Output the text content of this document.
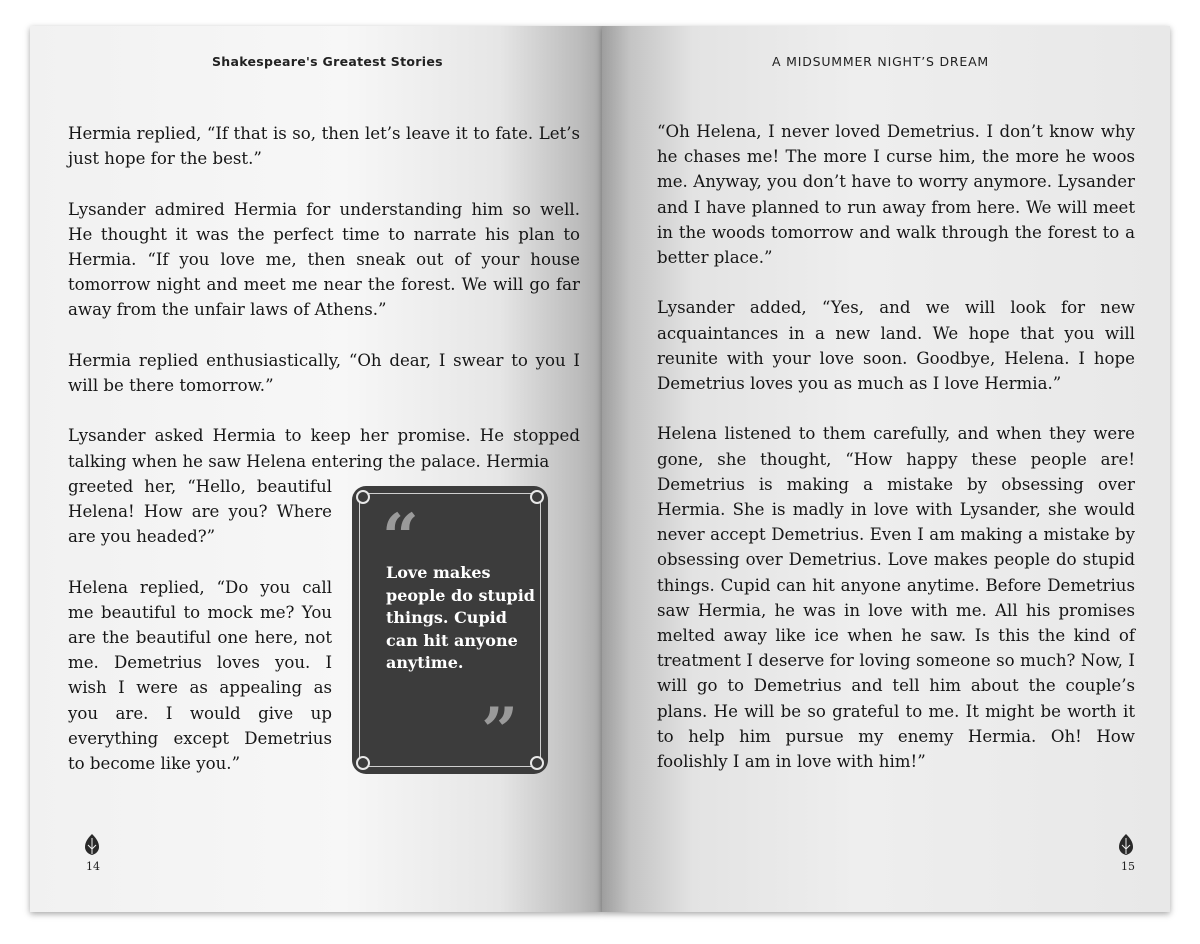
Shakespeare's Greatest Stories

Hermia replied, “If that is so, then let’s leave it to fate. Let’s just hope for the best.”

Lysander admired Hermia for understanding him so well. He thought it was the perfect time to narrate his plan to Hermia. “If you love me, then sneak out of your house tomorrow night and meet me near the forest. We will go far away from the unfair laws of Athens.”

Hermia replied enthusiastically, “Oh dear, I swear to you I will be there tomorrow.”

Lysander asked Hermia to keep her promise. He stopped talking when he saw Helena entering the palace. Hermia

greeted her, “Hello, beautiful Helena! How are you? Where are you headed?”

Helena replied, “Do you call me beautiful to mock me? You are the beautiful one here, not me. Demetrius loves you. I wish I were as appealing as you are. I would give up everything except Demetrius to become like you.”

“
Love makes people do stupid things. Cupid can hit anyone anytime.
”
14
A MIDSUMMER NIGHT’S DREAM

“Oh Helena, I never loved Demetrius. I don’t know why he chases me! The more I curse him, the more he woos me. Anyway, you don’t have to worry anymore. Lysander and I have planned to run away from here. We will meet in the woods tomorrow and walk through the forest to a better place.”

Lysander added, “Yes, and we will look for new acquaintances in a new land. We hope that you will reunite with your love soon. Goodbye, Helena. I hope Demetrius loves you as much as I love Hermia.”

Helena listened to them carefully, and when they were gone, she thought, “How happy these people are! Demetrius is making a mistake by obsessing over Hermia. She is madly in love with Lysander, she would never accept Demetrius. Even I am making a mistake by obsessing over Demetrius. Love makes people do stupid things. Cupid can hit anyone anytime. Before Demetrius saw Hermia, he was in love with me. All his promises melted away like ice when he saw. Is this the kind of treatment I deserve for loving someone so much? Now, I will go to Demetrius and tell him about the couple’s plans. He will be so grateful to me. It might be worth it to help him pursue my enemy Hermia. Oh! How foolishly I am in love with him!”

15
